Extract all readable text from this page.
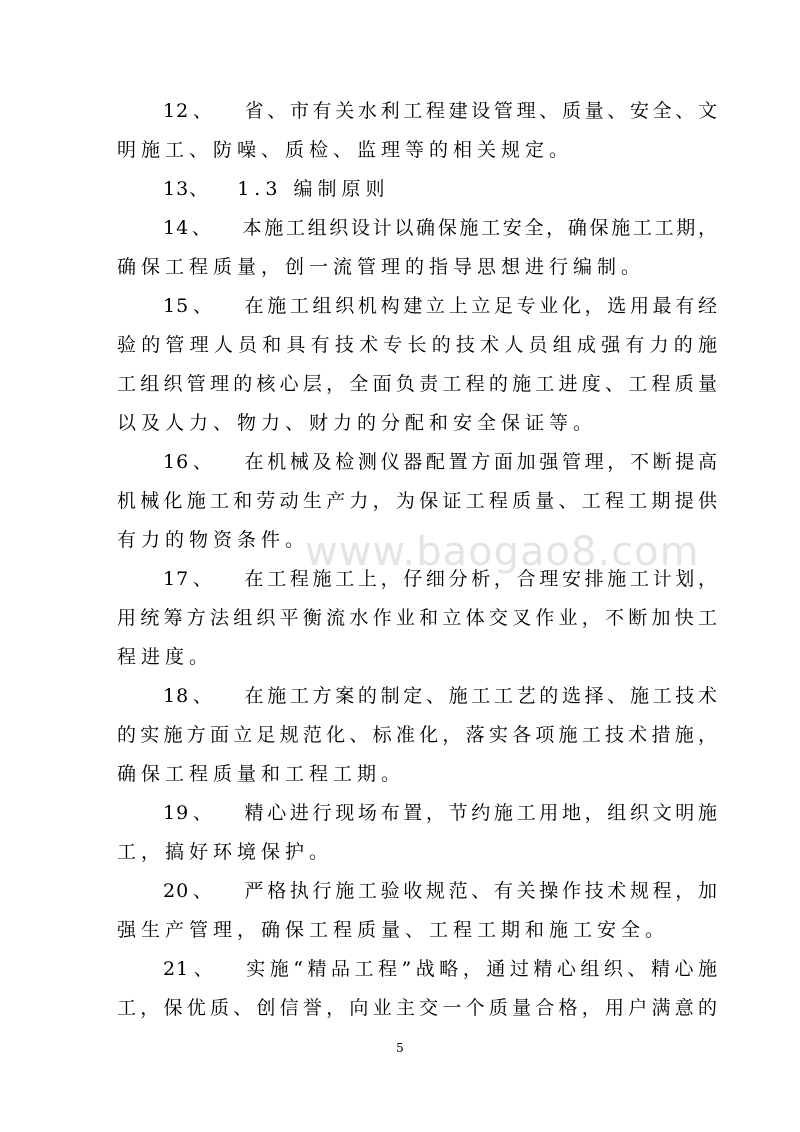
www.baogao8.com
12、 省、市有关水利工程建设管理、质量、安全、文
明施工、防噪、质检、监理等的相关规定。
13、 1.3 编制原则
14、 本施工组织设计以确保施工安全，确保施工工期，
确保工程质量，创一流管理的指导思想进行编制。
15、 在施工组织机构建立上立足专业化，选用最有经
验的管理人员和具有技术专长的技术人员组成强有力的施
工组织管理的核心层，全面负责工程的施工进度、工程质量
以及人力、物力、财力的分配和安全保证等。
16、 在机械及检测仪器配置方面加强管理，不断提高
机械化施工和劳动生产力，为保证工程质量、工程工期提供
有力的物资条件。
17、 在工程施工上，仔细分析，合理安排施工计划，
用统筹方法组织平衡流水作业和立体交叉作业，不断加快工
程进度。
18、 在施工方案的制定、施工工艺的选择、施工技术
的实施方面立足规范化、标准化，落实各项施工技术措施，
确保工程质量和工程工期。
19、 精心进行现场布置，节约施工用地，组织文明施
工，搞好环境保护。
20、 严格执行施工验收规范、有关操作技术规程，加
强生产管理，确保工程质量、工程工期和施工安全。
21、 实施“精品工程”战略，通过精心组织、精心施
工，保优质、创信誉，向业主交一个质量合格，用户满意的
5
